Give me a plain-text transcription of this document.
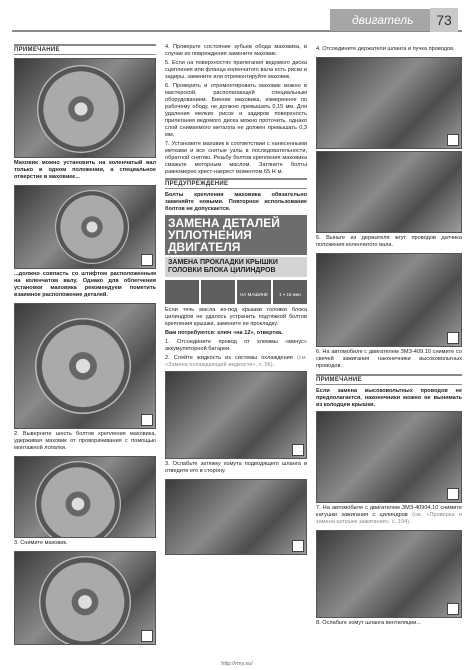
двигатель	73
ПРИМЕЧАНИЕ

Маховик можно установить на коленчатый вал только в одном положении, а специальное отверстие в маховике...

...должно совпасть со штифтом расположенным на коленчатом валу. Однако для облегчения установки маховика рекомендуем пометить взаимное расположение деталей.

2. Выверните шесть болтов крепления маховика, удерживая маховик от проворачивания с помощью монтажной лопатки.

3. Снимите маховик.

4. Проверьте состояние зубьев обода маховика, в случае их повреждения замените маховик.

5. Если на поверхностях прилегания ведомого диска сцепления или фланца коленчатого вала есть риски и задиры, замените или отремонтируйте маховик.

6. Проверить и отремонтировать маховик можно в мастерской, располагающей специальным оборудованием. Биение маховика, измеренное по рабочему ободу, не должно превышать 0,15 мм. Для удаления мелких рисок и задиров поверхность прилегания ведомого диска можно проточить, однако слой снимаемого металла не должен превышать 0,3 мм.

7. Установите маховик в соответствии с нанесенными метками и все снятые узлы в последовательности, обратной снятию. Резьбу болтов крепления маховика смажьте моторным маслом. Затяните болты равномерно крест-накрест моментом 65 Н·м.

ПРЕДУПРЕЖДЕНИЕ

Болты крепления маховика обязательно заменяйте новыми. Повторное использование болтов не допускается.

ЗАМЕНА ДЕТАЛЕЙ УПЛОТНЕНИЯ ДВИГАТЕЛЯ
ЗАМЕНА ПРОКЛАДКИ КРЫШКИ ГОЛОВКИ БЛОКА ЦИЛИНДРОВ
НА МАШИНЕ	1 ч 15 мин

Если течь масла из-под крышки головки блока цилиндров не удалось устранить подтяжкой болтов крепления крышки, замените ее прокладку.

Вам потребуются: ключ «на 12», отвертка.

1. Отсоедините провод от клеммы «минус» аккумуляторной батареи.

2. Слейте жидкость из системы охлаждения (см. «Замена охлаждающей жидкости», с. 56).

3. Ослабьте затяжку хомута подводящего шланга и отведите его в сторону.

4. Отсоедините держатели шланга и пучка проводов.

5. Выньте из держателя жгут проводов датчика положения коленчатого вала.

6. На автомобиле с двигателем ЗМЗ-409.10 снимите со свечей зажигания наконечники высоковольтных проводов.

ПРИМЕЧАНИЕ

Если замена высоковольтных проводов не предполагается, наконечники можно не вынимать из колодцев крышки.

7. На автомобиле с двигателем ЗМЗ-40904.10 снимите катушки зажигания с цилиндров (см. «Проверка и замена катушек зажигания», с. 194).

8. Ослабьте хомут шланга вентиляции...

http://rmy.su/
